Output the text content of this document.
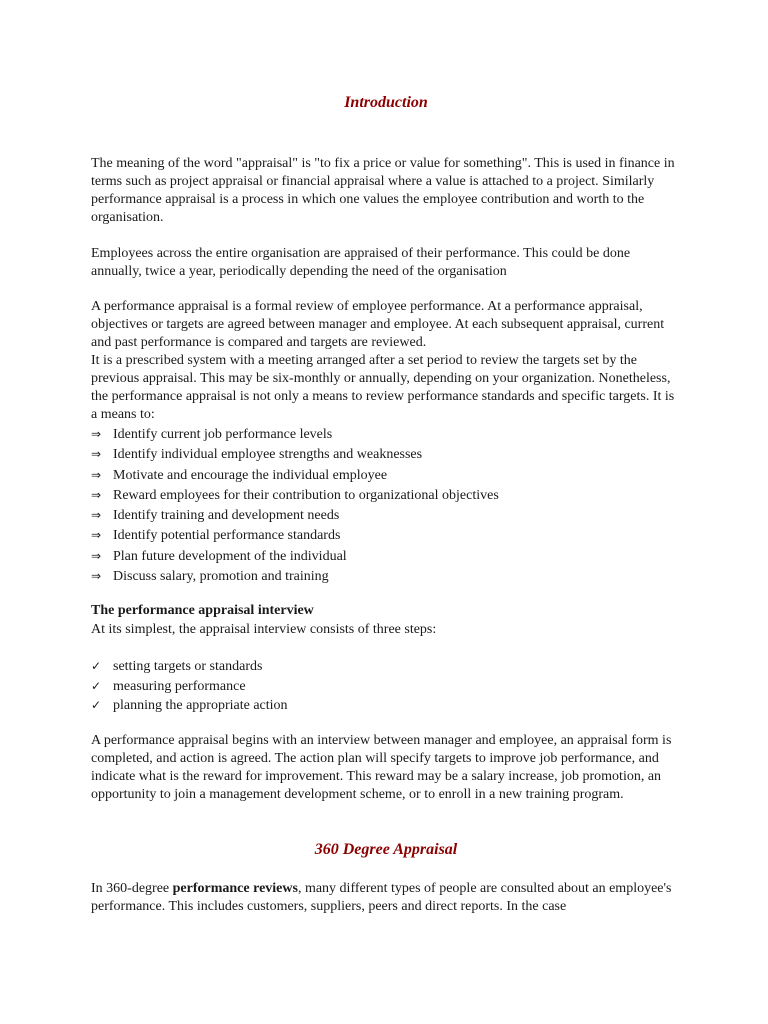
Introduction

The meaning of the word "appraisal" is "to fix a price or value for something". This is used in finance in terms such as project appraisal or financial appraisal where a value is attached to a project. Similarly performance appraisal is a process in which one values the employee contribution and worth to the organisation.

Employees across the entire organisation are appraised of their performance. This could be done annually, twice a year, periodically depending the need of the organisation

A performance appraisal is a formal review of employee performance. At a performance appraisal, objectives or targets are agreed between manager and employee. At each subsequent appraisal, current and past performance is compared and targets are reviewed.

It is a prescribed system with a meeting arranged after a set period to review the targets set by the previous appraisal. This may be six-monthly or annually, depending on your organization. Nonetheless, the performance appraisal is not only a means to review performance standards and specific targets. It is a means to:

⇒ Identify current job performance levels
⇒ Identify individual employee strengths and weaknesses
⇒ Motivate and encourage the individual employee
⇒ Reward employees for their contribution to organizational objectives
⇒ Identify training and development needs
⇒ Identify potential performance standards
⇒ Plan future development of the individual
⇒ Discuss salary, promotion and training
The performance appraisal interview

At its simplest, the appraisal interview consists of three steps:

✓ setting targets or standards
✓ measuring performance
✓ planning the appropriate action

A performance appraisal begins with an interview between manager and employee, an appraisal form is completed, and action is agreed. The action plan will specify targets to improve job performance, and indicate what is the reward for improvement. This reward may be a salary increase, job promotion, an opportunity to join a management development scheme, or to enroll in a new training program.

360 Degree Appraisal

In 360-degree performance reviews, many different types of people are consulted about an employee's performance. This includes customers, suppliers, peers and direct reports. In the case
